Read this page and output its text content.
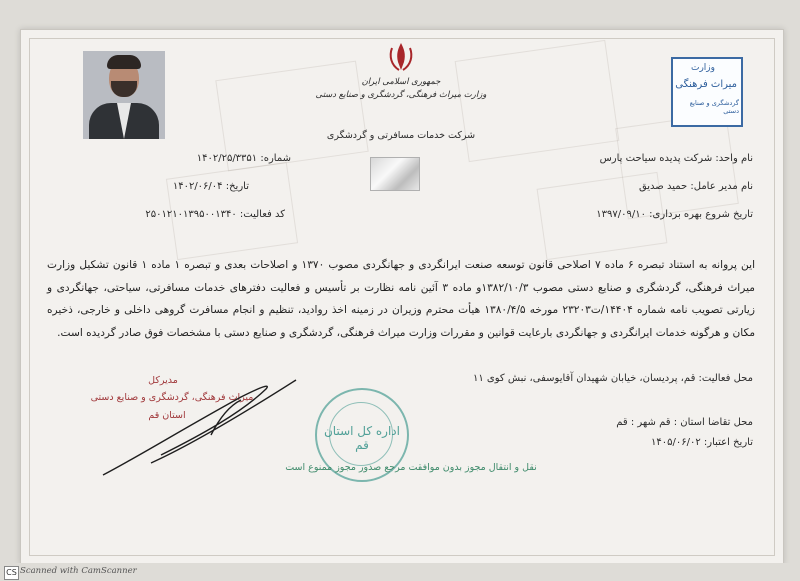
جمهوری اسلامی ایران
وزارت میراث فرهنگی، گردشگری و صنایع دستی
شرکت خدمات مسافرتی و گردشگری
وزارت
میراث فرهنگی
گردشگری و صنایع دستی
نام واحد: شرکت پدیده سیاحت پارس
نام مدیر عامل: حمید صدیق
تاریخ شروع بهره برداری: ۱۳۹۷/۰۹/۱۰
شماره: ۱۴۰۲/۲۵/۳۳۵۱
تاریخ: ۱۴۰۲/۰۶/۰۴
کد فعالیت: ۲۵۰۱۲۱۰۱۳۹۵۰۰۱۳۴۰

این پروانه به استناد تبصره ۶ ماده ۷ اصلاحی قانون توسعه صنعت ایرانگردی و جهانگردی مصوب ۱۳۷۰ و اصلاحات بعدی و تبصره ۱ ماده ۱ قانون تشکیل وزارت میراث فرهنگی، گردشگری و صنایع دستی مصوب ۱۳۸۲/۱۰/۳و ماده ۳ آئین نامه نظارت بر تأسیس و فعالیت دفترهای خدمات مسافرتی، سیاحتی، جهانگردی و زیارتی تصویب نامه شماره ۱۴۴۰۴/ت۲۳۲۰۳ مورخه ۱۳۸۰/۴/۵ هیأت محترم وزیران در زمینه اخذ روادید، تنظیم و انجام مسافرت گروهی داخلی و خارجی، ذخیره مکان و هرگونه خدمات ایرانگردی و جهانگردی بارعایت قوانین و مقررات وزارت میراث فرهنگی، گردشگری و صنایع دستی با مشخصات فوق صادر گردیده است.

محل فعالیت: قم، پردیسان، خیابان شهیدان آقایوسفی، نبش کوی ۱۱
محل تقاضا استان : قم شهر : قم
تاریخ اعتبار: ۱۴۰۵/۰۶/۰۲
مدیرکل
میراث فرهنگی، گردشگری و صنایع دستی
استان قم
اداره کل استان قم
نقل و انتقال مجوز بدون موافقت مرجع صدور مجوز ممنوع است
CS Scanned with CamScanner
